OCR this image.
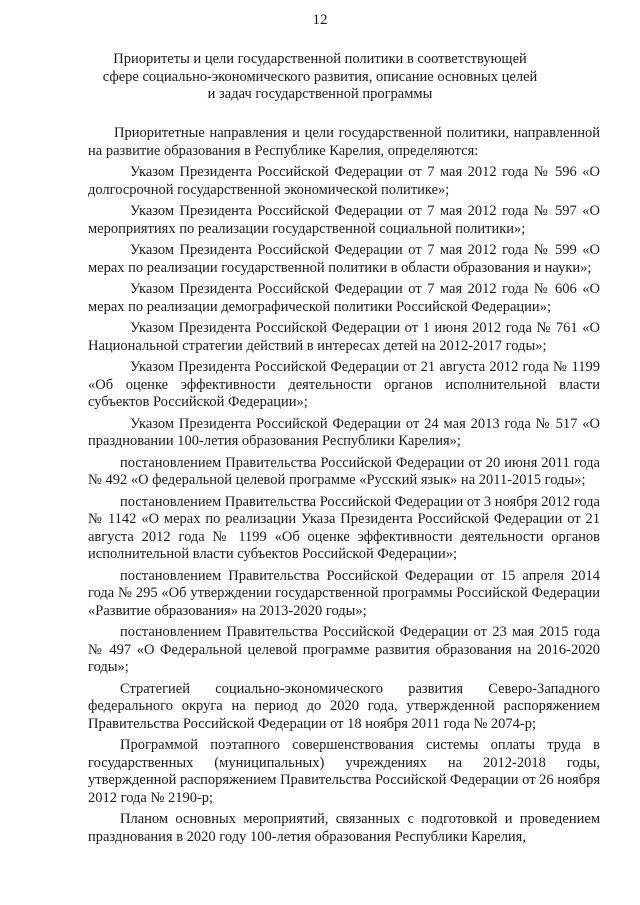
12
Приоритеты и цели государственной политики в соответствующей
сфере социально-экономического развития, описание основных целей
и задач государственной программы

Приоритетные направления и цели государственной политики, направленной на развитие образования в Республике Карелия, определяются:

Указом Президента Российской Федерации от 7 мая 2012 года № 596 «О долгосрочной государственной экономической политике»;

Указом Президента Российской Федерации от 7 мая 2012 года № 597 «О мероприятиях по реализации государственной социальной политики»;

Указом Президента Российской Федерации от 7 мая 2012 года № 599 «О мерах по реализации государственной политики в области образования и науки»;

Указом Президента Российской Федерации от 7 мая 2012 года № 606 «О мерах по реализации демографической политики Российской Федерации»;

Указом Президента Российской Федерации от 1 июня 2012 года № 761 «О Национальной стратегии действий в интересах детей на 2012-2017 годы»;

Указом Президента Российской Федерации от 21 августа 2012 года № 1199 «Об оценке эффективности деятельности органов исполнительной власти субъектов Российской Федерации»;

Указом Президента Российской Федерации от 24 мая 2013 года № 517 «О праздновании 100-летия образования Республики Карелия»;

постановлением Правительства Российской Федерации от 20 июня 2011 года № 492 «О федеральной целевой программе «Русский язык» на 2011-2015 годы»;

постановлением Правительства Российской Федерации от 3 ноября 2012 года № 1142 «О мерах по реализации Указа Президента Российской Федерации от 21 августа 2012 года № 1199 «Об оценке эффективности деятельности органов исполнительной власти субъектов Российской Федерации»;

постановлением Правительства Российской Федерации от 15 апреля 2014 года № 295 «Об утверждении государственной программы Российской Федерации «Развитие образования» на 2013-2020 годы»;

постановлением Правительства Российской Федерации от 23 мая 2015 года № 497 «О Федеральной целевой программе развития образования на 2016-2020 годы»;

Стратегией социально-экономического развития Северо-Западного федерального округа на период до 2020 года, утвержденной распоряжением Правительства Российской Федерации от 18 ноября 2011 года № 2074-р;

Программой поэтапного совершенствования системы оплаты труда в государственных (муниципальных) учреждениях на 2012-2018 годы, утвержденной распоряжением Правительства Российской Федерации от 26 ноября 2012 года № 2190-р;

Планом основных мероприятий, связанных с подготовкой и проведением празднования в 2020 году 100-летия образования Республики Карелия,
